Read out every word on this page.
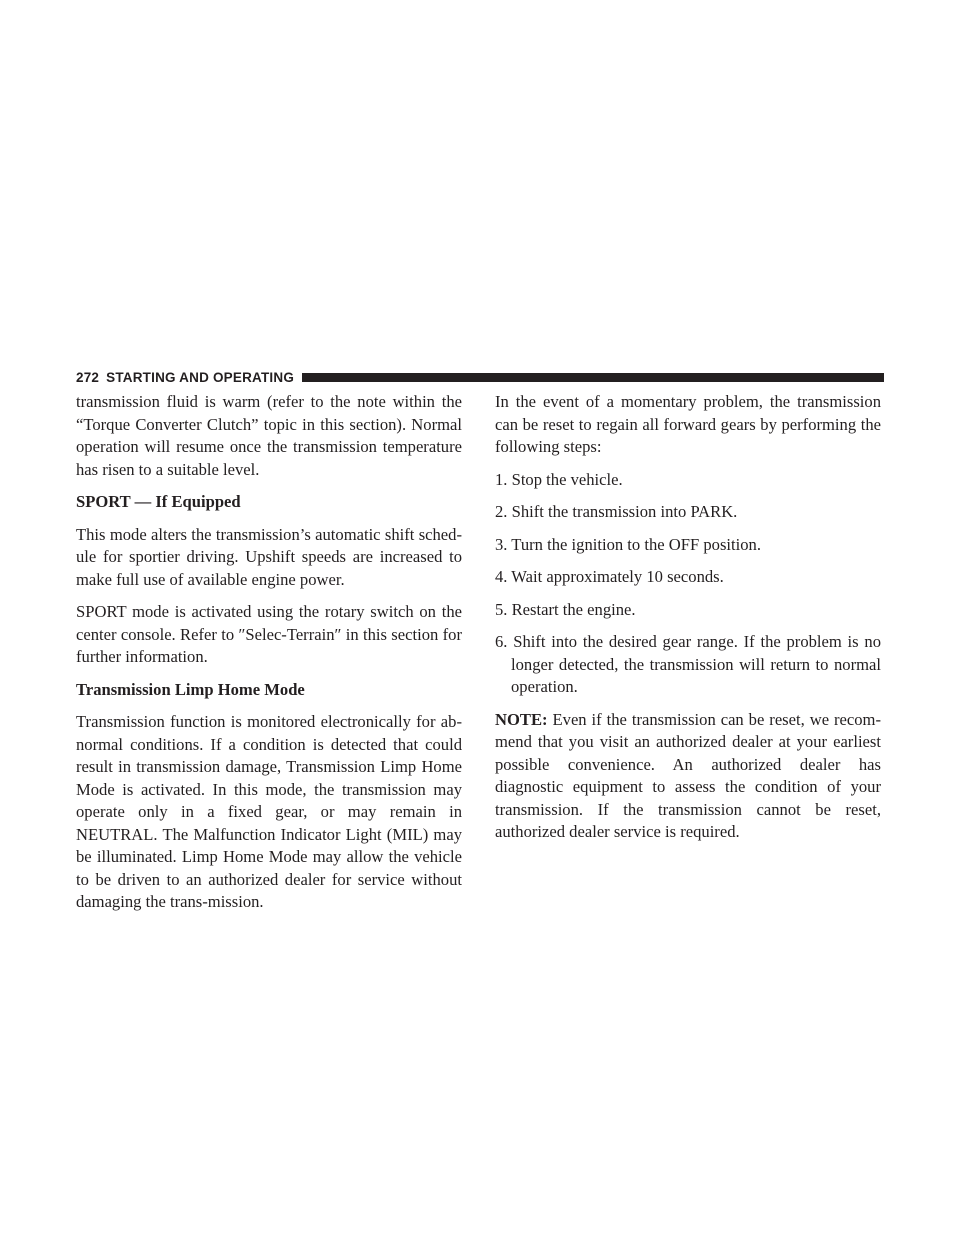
272 STARTING AND OPERATING

transmission fluid is warm (refer to the note within the “Torque Converter Clutch” topic in this section). Normal operation will resume once the transmission temperature has risen to a suitable level.

SPORT — If Equipped

This mode alters the transmission’s automatic shift sched-ule for sportier driving. Upshift speeds are increased to make full use of available engine power.

SPORT mode is activated using the rotary switch on the center console. Refer to ″Selec-Terrain″ in this section for further information.

Transmission Limp Home Mode

Transmission function is monitored electronically for ab-normal conditions. If a condition is detected that could result in transmission damage, Transmission Limp Home Mode is activated. In this mode, the transmission may operate only in a fixed gear, or may remain in NEUTRAL. The Malfunction Indicator Light (MIL) may be illuminated. Limp Home Mode may allow the vehicle to be driven to an authorized dealer for service without damaging the trans-mission.

In the event of a momentary problem, the transmission can be reset to regain all forward gears by performing the following steps:

1. Stop the vehicle.
2. Shift the transmission into PARK.
3. Turn the ignition to the OFF position.
4. Wait approximately 10 seconds.
5. Restart the engine.
6. Shift into the desired gear range. If the problem is no longer detected, the transmission will return to normal operation.

NOTE: Even if the transmission can be reset, we recom-mend that you visit an authorized dealer at your earliest possible convenience. An authorized dealer has diagnostic equipment to assess the condition of your transmission. If the transmission cannot be reset, authorized dealer service is required.
